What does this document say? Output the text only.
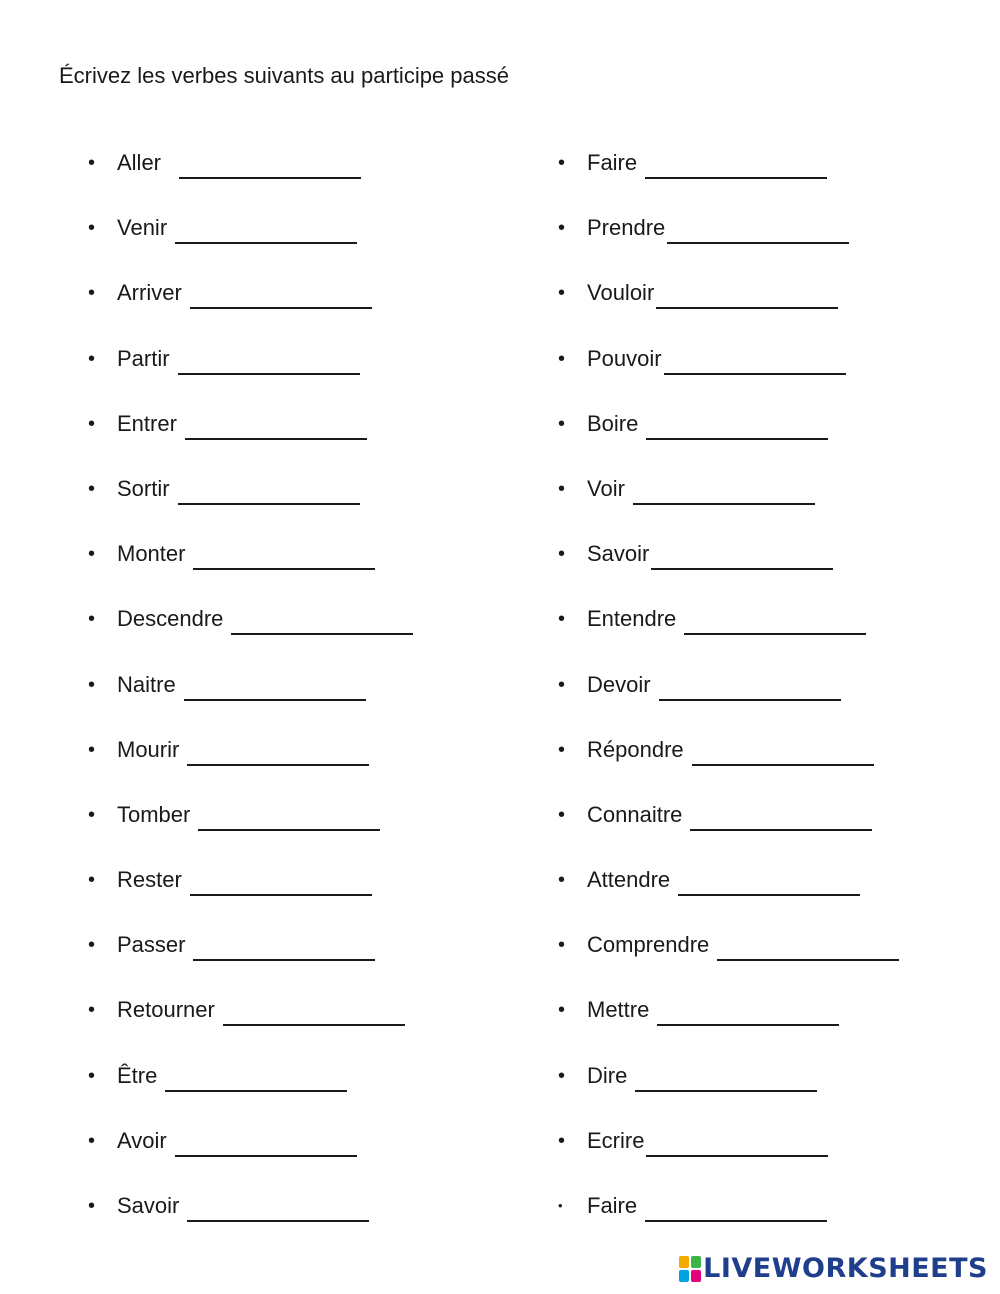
Écrivez les verbes suivants au participe passé
• Aller
• Venir
• Arriver
• Partir
• Entrer
• Sortir
• Monter
• Descendre
• Naitre
• Mourir
• Tomber
• Rester
• Passer
• Retourner
• Être
• Avoir
• Savoir
• Faire
• Prendre
• Vouloir
• Pouvoir
• Boire
• Voir
• Savoir
• Entendre
• Devoir
• Répondre
• Connaitre
• Attendre
• Comprendre
• Mettre
• Dire
• Ecrire
•	Faire
LIVEWORKSHEETS
